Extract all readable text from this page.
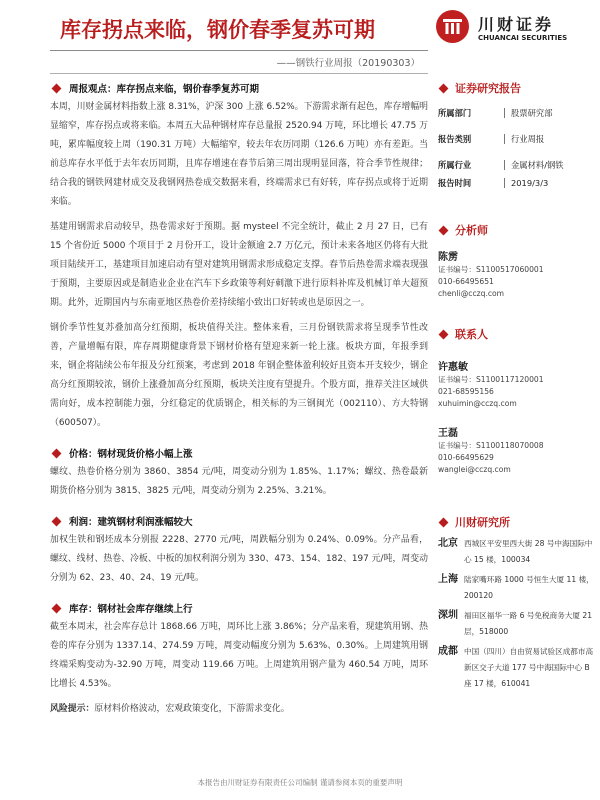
库存拐点来临，钢价春季复苏可期
——钢铁行业周报（20190303）
川财证券
CHUANCAI SECURITIES
周报观点：库存拐点来临，钢价春季复苏可期
本周，川财金属材料指数上涨 8.31%，沪深 300 上涨 6.52%。下游需求渐有起色，库存增幅明显缩窄，库存拐点或将来临。本周五大品种钢材库存总量报 2520.94 万吨，环比增长 47.75 万吨，累库幅度较上周（190.31 万吨）大幅缩窄，较去年农历同期（126.6 万吨）亦有差距。当前总库存水平低于去年农历同期，且库存增速在春节后第三周出现明显回落，符合季节性规律；结合我的钢铁网建材成交及我钢网热卷成交数据来看，终端需求已有好转，库存拐点或将于近期来临。
基建用钢需求启动较早，热卷需求好于预期。据 mysteel 不完全统计，截止 2 月 27 日，已有 15 个省份近 5000 个项目于 2 月份开工，设计金额逾 2.7 万亿元，预计未来各地区仍将有大批项目陆续开工，基建项目加速启动有望对建筑用钢需求形成稳定支撑。春节后热卷需求端表现强于预期，主要原因或是制造业企业在汽车下乡政策等利好刺激下进行原料补库及机械订单大超预期。此外，近期国内与东南亚地区热卷价差持续缩小致出口好转或也是原因之一。
钢价季节性复苏叠加高分红预期，板块值得关注。整体来看，三月份钢铁需求将呈现季节性改善，产量增幅有限，库存周期健康背景下钢材价格有望迎来新一轮上涨。板块方面，年报季到来，钢企将陆续公布年报及分红预案，考虑到 2018 年钢企整体盈利较好且资本开支较少，钢企高分红预期较浓，钢价上涨叠加高分红预期，板块关注度有望提升。个股方面，推荐关注区域供需向好，成本控制能力强，分红稳定的优质钢企，相关标的为三钢闽光（002110）、方大特钢（600507）。
价格：钢材现货价格小幅上涨
螺纹、热卷价格分别为 3860、3854 元/吨，周变动分别为 1.85%、1.17%；螺纹、热卷最新期货价格分别为 3815、3825 元/吨，周变动分别为 2.25%、3.21%。
利润：建筑钢材利润涨幅较大
加权生铁和钢坯成本分别报 2228、2770 元/吨，周跌幅分别为 0.24%、0.09%。分产品看，螺纹、线材、热卷、冷板、中板的加权利润分别为 330、473、154、182、197 元/吨，周变动分别为 62、23、40、24、19 元/吨。
库存：钢材社会库存继续上行
截至本周末，社会库存总计 1868.66 万吨，周环比上涨 3.86%；分产品来看，现建筑用钢、热卷的库存分别为 1337.14、274.59 万吨，周变动幅度分别为 5.63%、0.30%。上周建筑用钢终端采购变动为-32.90 万吨，周变动 119.66 万吨。上周建筑用钢产量为 460.54 万吨，周环比增长 4.53%。
风险提示：原材料价格波动，宏观政策变化，下游需求变化。
证券研究报告
所属部门	股票研究部
报告类别	行业周报
所属行业	金属材料/钢铁
报告时间	2019/3/3
分析师
陈雳
证书编号：S1100517060001
010-66495651
chenli@cczq.com
联系人
许惠敏
证书编号：S1100117120001
021-68595156
xuhuimin@cczq.com
王磊
证书编号：S1100118070008
010-66495629
wanglei@cczq.com
川财研究所
北京 西城区平安里西大街 28 号中海国际中心 15 楼，100034
上海 陆家嘴环路 1000 号恒生大厦 11 楼，200120
深圳 福田区福华一路 6 号免税商务大厦 21 层，518000
成都 中国（四川）自由贸易试验区成都市高新区交子大道 177 号中海国际中心 B 座 17 楼，610041
本报告由川财证券有限责任公司编制 谨请参阅本页的重要声明
